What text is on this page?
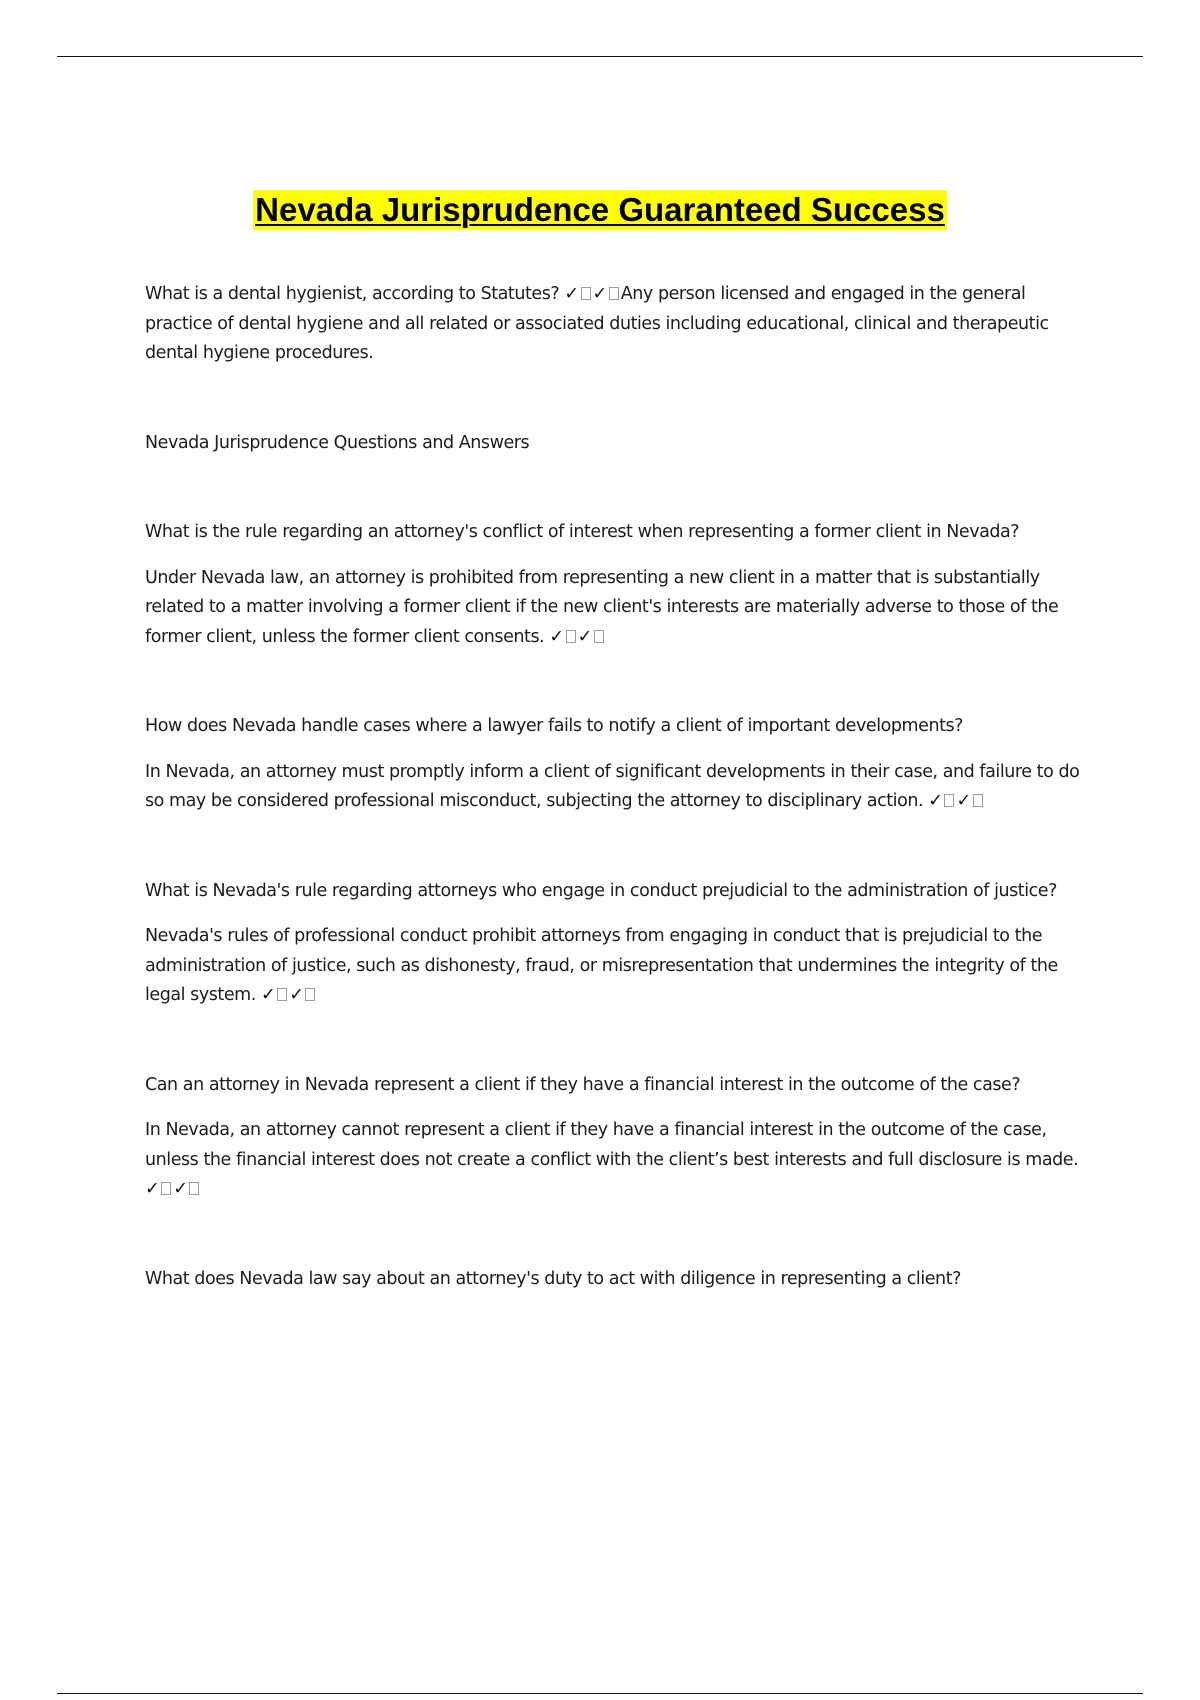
Nevada Jurisprudence Guaranteed Success

What is a dental hygienist, according to Statutes? ✓ ✓ Any person licensed and engaged in the general practice of dental hygiene and all related or associated duties including educational, clinical and therapeutic dental hygiene procedures.

Nevada Jurisprudence Questions and Answers

What is the rule regarding an attorney's conflict of interest when representing a former client in Nevada?

Under Nevada law, an attorney is prohibited from representing a new client in a matter that is substantially related to a matter involving a former client if the new client's interests are materially adverse to those of the former client, unless the former client consents. ✓ ✓

How does Nevada handle cases where a lawyer fails to notify a client of important developments?

In Nevada, an attorney must promptly inform a client of significant developments in their case, and failure to do so may be considered professional misconduct, subjecting the attorney to disciplinary action. ✓ ✓

What is Nevada's rule regarding attorneys who engage in conduct prejudicial to the administration of justice?

Nevada's rules of professional conduct prohibit attorneys from engaging in conduct that is prejudicial to the administration of justice, such as dishonesty, fraud, or misrepresentation that undermines the integrity of the legal system. ✓ ✓

Can an attorney in Nevada represent a client if they have a financial interest in the outcome of the case?

In Nevada, an attorney cannot represent a client if they have a financial interest in the outcome of the case, unless the financial interest does not create a conflict with the client’s best interests and full disclosure is made. ✓ ✓

What does Nevada law say about an attorney's duty to act with diligence in representing a client?
